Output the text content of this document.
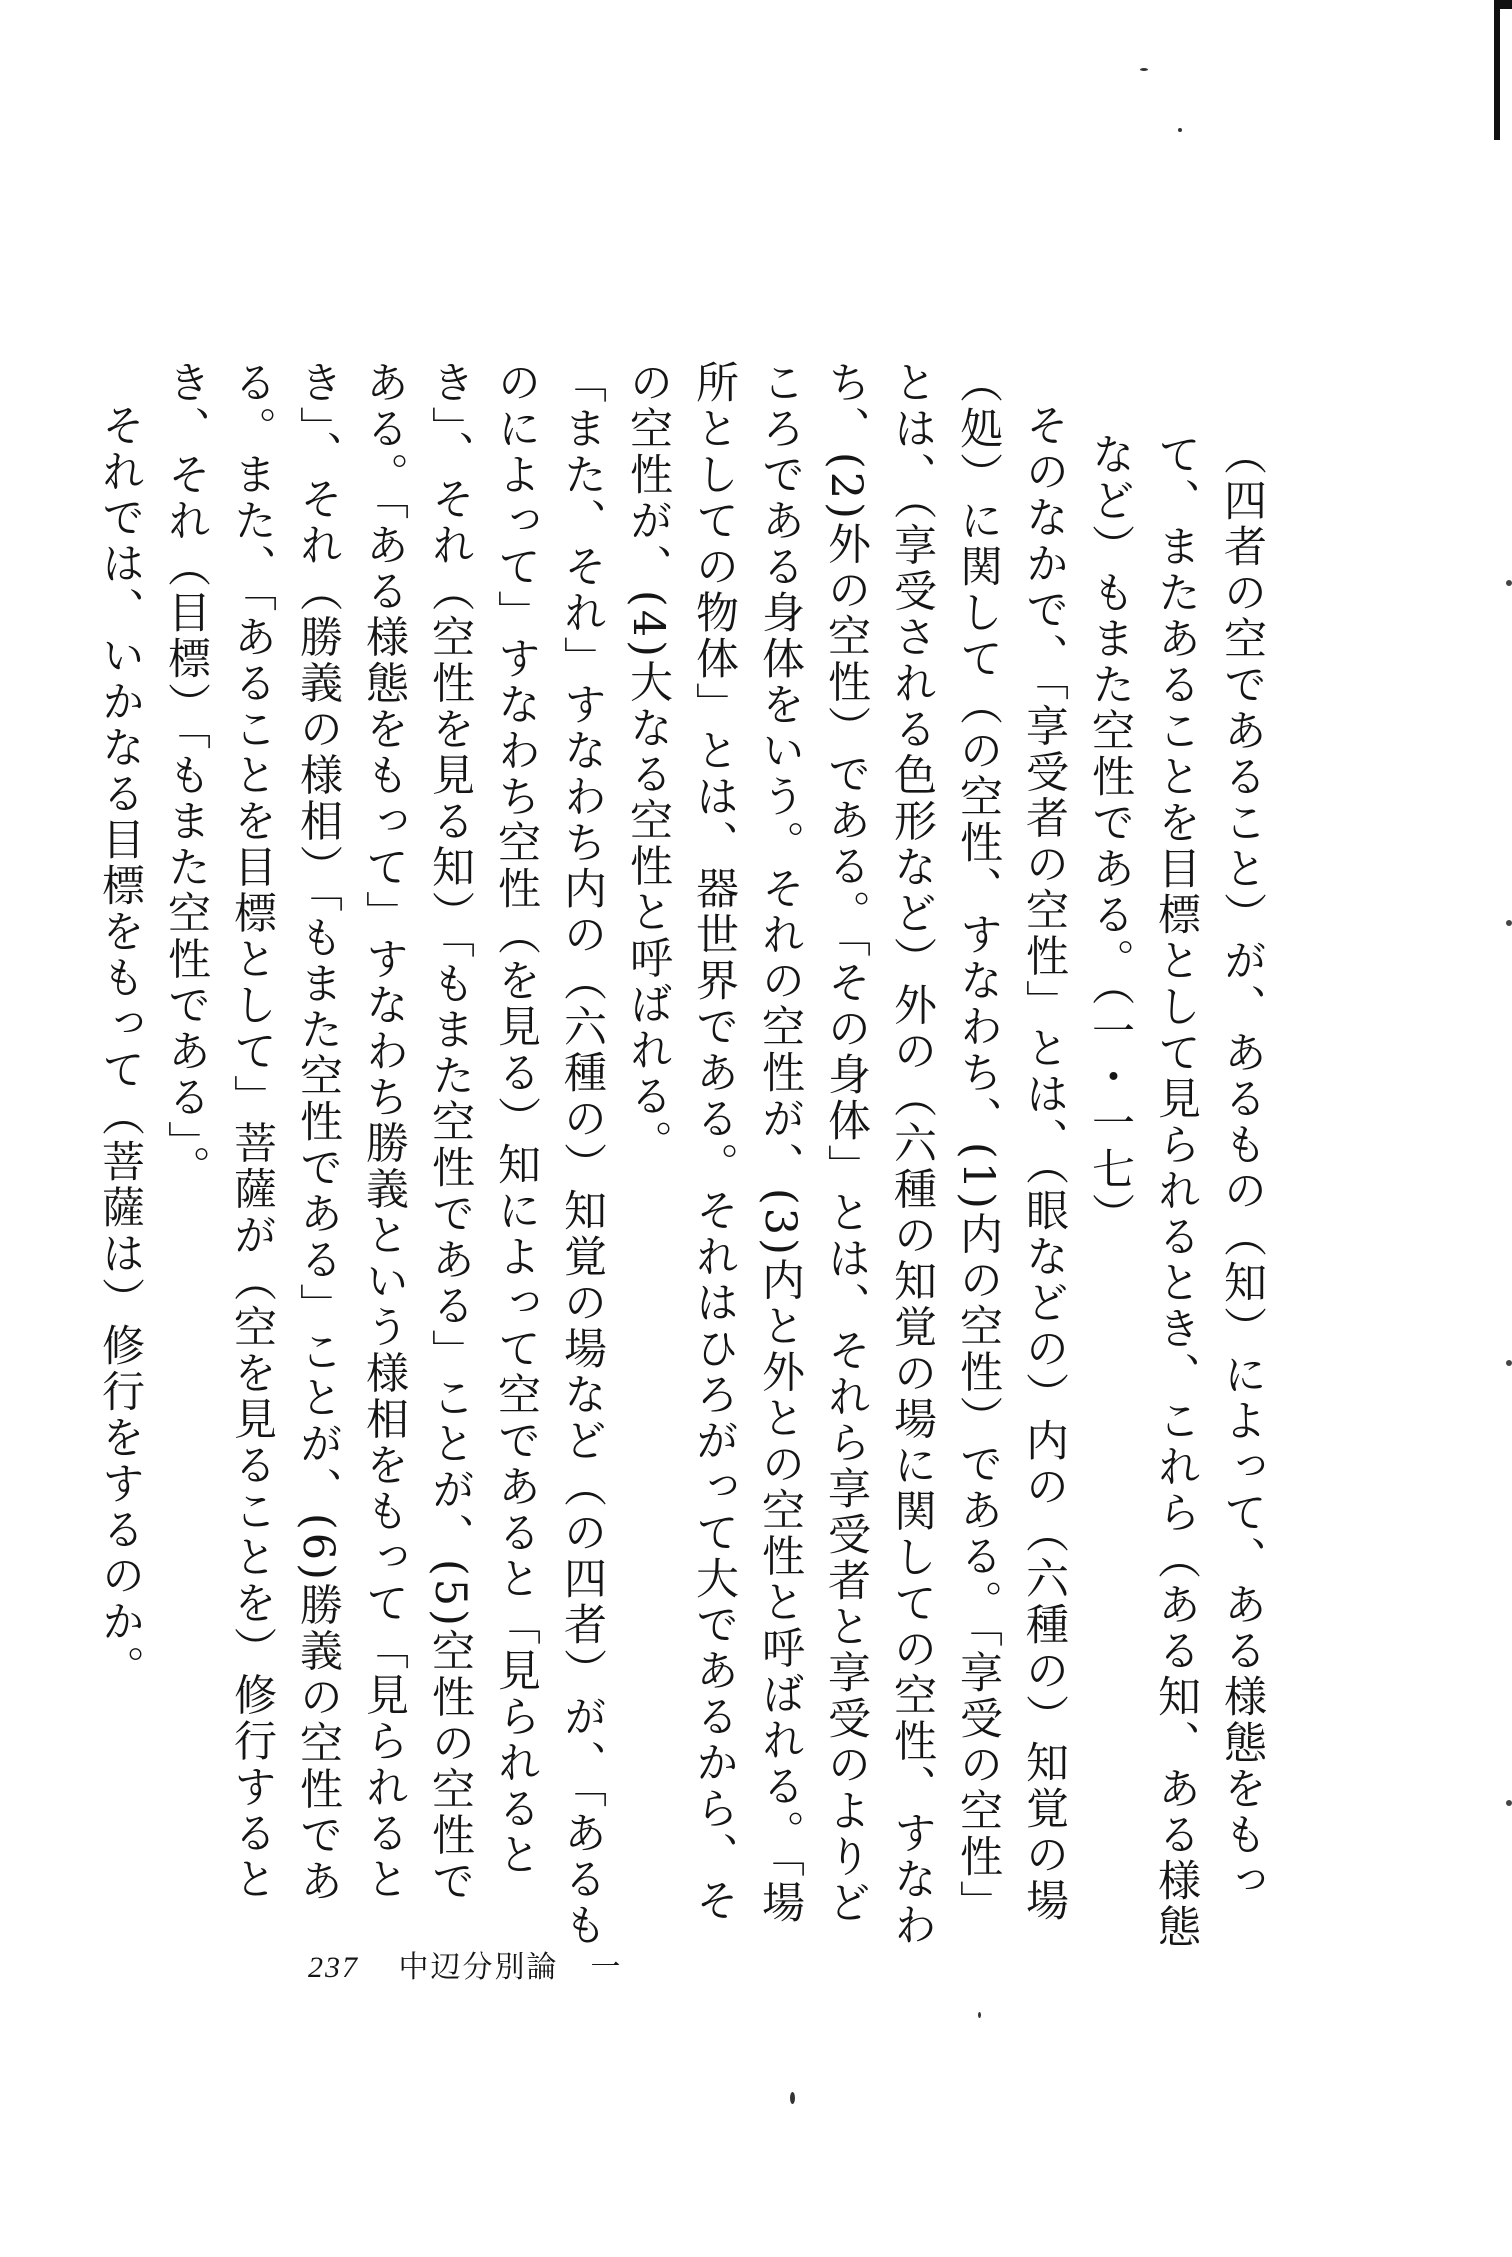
（四者の空であること）が、あるもの（知）によって、ある様態をもって、またあることを目標として見られるとき、これら（ある知、ある様態など）もまた空性である。（一・一七）

そのなかで、「享受者の空性」とは、（眼などの）内の（六種の）知覚の場（処）に関して（の空性、すなわち、(1)内の空性）である。「享受の空性」とは、（享受される色形など）外の（六種の知覚の場に関しての空性、すなわち、(2)外の空性）である。「その身体」とは、それら享受者と享受のよりどころである身体をいう。それの空性が、(3)内と外との空性と呼ばれる。「場所としての物体」とは、器世界である。それはひろがって大であるから、その空性が、(4)大なる空性と呼ばれる。

「また、それ」すなわち内の（六種の）知覚の場など（の四者）が、「あるものによって」すなわち空性（を見る）知によって空であると「見られるとき」、それ（空性を見る知）「もまた空性である」ことが、(5)空性の空性である。「ある様態をもって」すなわち勝義という様相をもって「見られるとき」、それ（勝義の様相）「もまた空性である」ことが、(6)勝義の空性である。また、「あることを目標として」菩薩が（空を見ることを）修行するとき、それ（目標）「もまた空性である」。

それでは、いかなる目標をもって（菩薩は）修行をするのか。

237 中辺分別論　一
